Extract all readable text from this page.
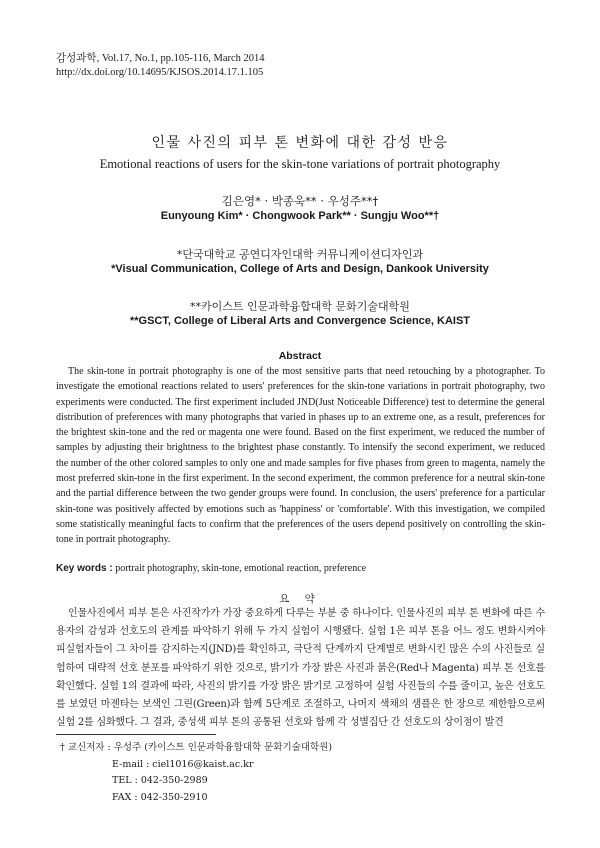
감성과학, Vol.17, No.1, pp.105-116, March 2014
http://dx.doi.org/10.14695/KJSOS.2014.17.1.105
인물 사진의 피부 톤 변화에 대한 감성 반응
Emotional reactions of users for the skin-tone variations of portrait photography
김은영* · 박종욱** · 우성주**†
Eunyoung Kim* · Chongwook Park** · Sungju Woo**†
*단국대학교 공연디자인대학 커뮤니케이션디자인과
*Visual Communication, College of Arts and Design, Dankook University
**카이스트 인문과학융합대학 문화기술대학원
**GSCT, College of Liberal Arts and Convergence Science, KAIST
Abstract

The skin-tone in portrait photography is one of the most sensitive parts that need retouching by a photographer. To investigate the emotional reactions related to users' preferences for the skin-tone variations in portrait photography, two experiments were conducted. The first experiment included JND(Just Noticeable Difference) test to determine the general distribution of preferences with many photographs that varied in phases up to an extreme one, as a result, preferences for the brightest skin-tone and the red or magenta one were found. Based on the first experiment, we reduced the number of samples by adjusting their brightness to the brightest phase constantly. To intensify the second experiment, we reduced the number of the other colored samples to only one and made samples for five phases from green to magenta, namely the most preferred skin-tone in the first experiment. In the second experiment, the common preference for a neutral skin-tone and the partial difference between the two gender groups were found. In conclusion, the users' preference for a particular skin-tone was positively affected by emotions such as 'happiness' or 'comfortable'. With this investigation, we compiled some statistically meaningful facts to confirm that the preferences of the users depend positively on controlling the skin-tone in portrait photography.

Key words : portrait photography, skin-tone, emotional reaction, preference
요 약

인물사진에서 피부 톤은 사진작가가 가장 중요하게 다루는 부분 중 하나이다. 인물사진의 피부 톤 변화에 따른 수용자의 감성과 선호도의 관계를 파악하기 위해 두 가지 실험이 시행됐다. 실험 1은 피부 톤을 어느 정도 변화시켜야 피실험자들이 그 차이를 감지하는지(JND)를 확인하고, 극단적 단계까지 단계별로 변화시킨 많은 수의 사진들로 실험하여 대략적 선호 분포를 파악하기 위한 것으로, 밝기가 가장 밝은 사진과 붉은(Red나 Magenta) 피부 톤 선호를 확인했다. 실험 1의 결과에 따라, 사진의 밝기를 가장 밝은 밝기로 고정하여 실험 사진들의 수를 줄이고, 높은 선호도를 보였던 마젠타는 보색인 그린(Green)과 함께 5단계로 조절하고, 나머지 색채의 샘플은 한 장으로 제한함으로써 실험 2를 심화했다. 그 결과, 중성색 피부 톤의 공통된 선호와 함께 각 성별집단 간 선호도의 상이점이 발견

† 교신저자 : 우성주 (카이스트 인문과학융합대학 문화기술대학원)
E-mail : ciel1016@kaist.ac.kr
TEL : 042-350-2989
FAX : 042-350-2910
